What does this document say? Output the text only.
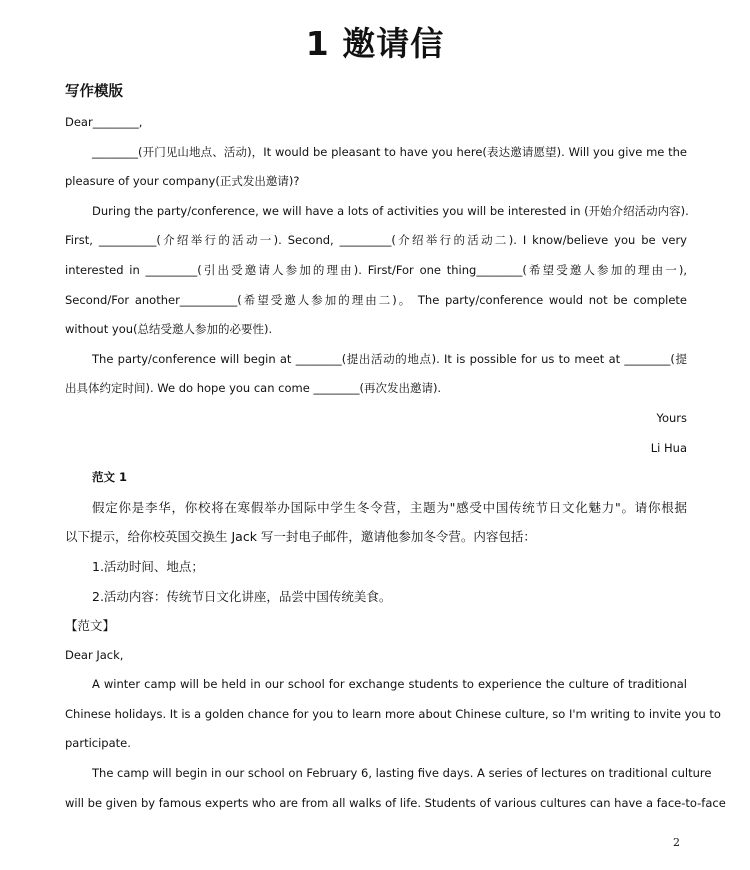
1 邀请信
写作模版
Dear________,
________(开门见山地点、活动)，It would be pleasant to have you here(表达邀请愿望). Will you give me the
pleasure of your company(正式发出邀请)?
During the party/conference, we will have a lots of activities you will be interested in (开始介绍活动内容).
First, __________(介绍举行的活动一). Second, _________(介绍举行的活动二). I know/believe you be very
interested in _________(引出受邀请人参加的理由). First/For one thing________(希望受邀人参加的理由一),
Second/For another__________(希望受邀人参加的理由二)。 The party/conference would not be complete
without you(总结受邀人参加的必要性).
The party/conference will begin at ________(提出活动的地点). It is possible for us to meet at ________(提
出具体约定时间). We do hope you can come ________(再次发出邀请).
Yours
Li Hua
范文 1
假定你是李华，你校将在寒假举办国际中学生冬令营，主题为"感受中国传统节日文化魅力"。请你根据
以下提示，给你校英国交换生 Jack 写一封电子邮件，邀请他参加冬令营。内容包括：
1.活动时间、地点；
2.活动内容：传统节日文化讲座，品尝中国传统美食。
【范文】
Dear Jack,
A winter camp will be held in our school for exchange students to experience the culture of traditional
Chinese holidays. It is a golden chance for you to learn more about Chinese culture, so I'm writing to invite you to
participate.
The camp will begin in our school on February 6, lasting five days. A series of lectures on traditional culture
will be given by famous experts who are from all walks of life. Students of various cultures can have a face-to-face
2
